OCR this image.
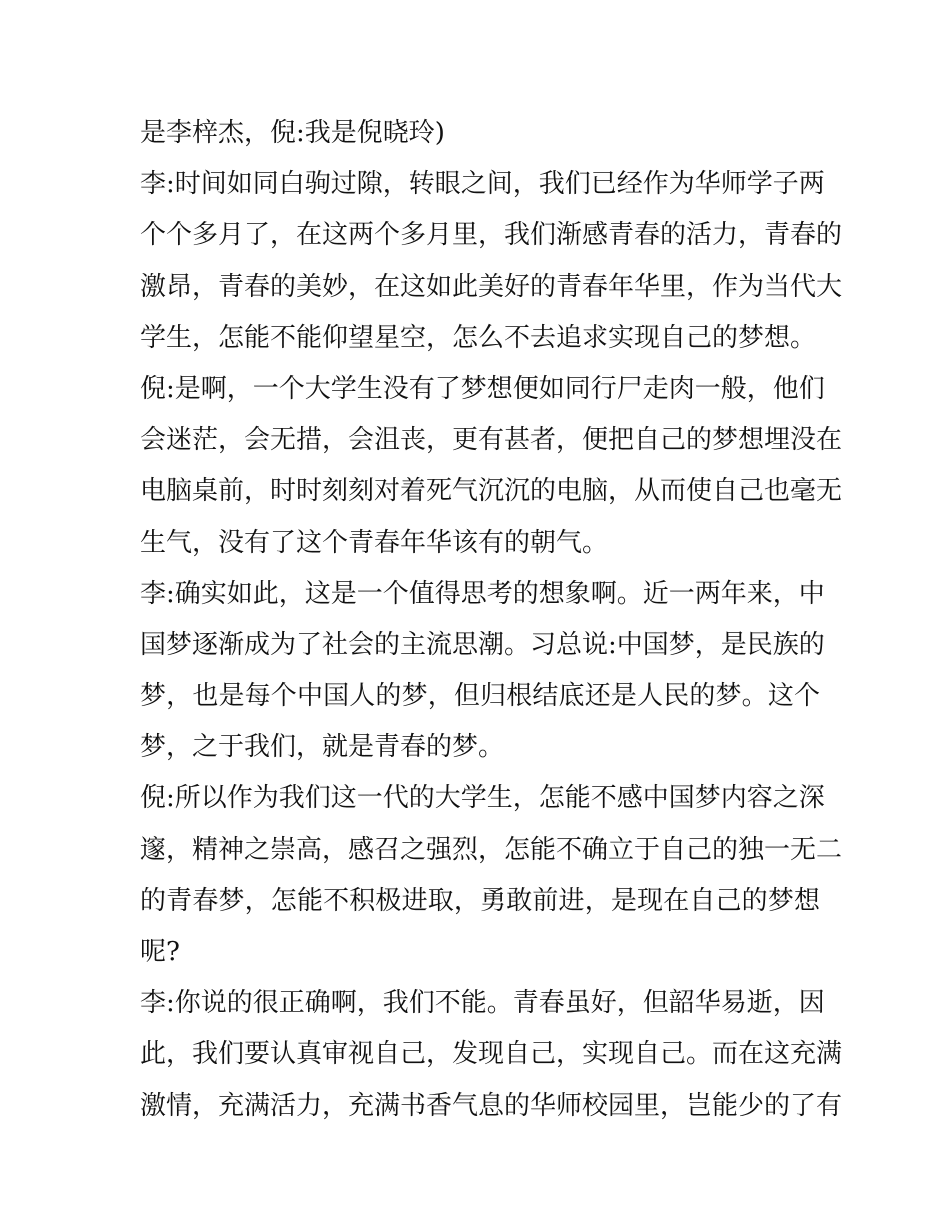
是李梓杰，倪:我是倪晓玲)
李:时间如同白驹过隙，转眼之间，我们已经作为华师学子两
个个多月了，在这两个多月里，我们渐感青春的活力，青春的
激昂，青春的美妙，在这如此美好的青春年华里，作为当代大
学生，怎能不能仰望星空，怎么不去追求实现自己的梦想。
倪:是啊，一个大学生没有了梦想便如同行尸走肉一般，他们
会迷茫，会无措，会沮丧，更有甚者，便把自己的梦想埋没在
电脑桌前，时时刻刻对着死气沉沉的电脑，从而使自己也毫无
生气，没有了这个青春年华该有的朝气。
李:确实如此，这是一个值得思考的想象啊。近一两年来，中
国梦逐渐成为了社会的主流思潮。习总说:中国梦，是民族的
梦，也是每个中国人的梦，但归根结底还是人民的梦。这个
梦，之于我们，就是青春的梦。
倪:所以作为我们这一代的大学生，怎能不感中国梦内容之深
邃，精神之崇高，感召之强烈，怎能不确立于自己的独一无二
的青春梦，怎能不积极进取，勇敢前进，是现在自己的梦想
呢?
李:你说的很正确啊，我们不能。青春虽好，但韶华易逝，因
此，我们要认真审视自己，发现自己，实现自己。而在这充满
激情，充满活力，充满书香气息的华师校园里，岂能少的了有
